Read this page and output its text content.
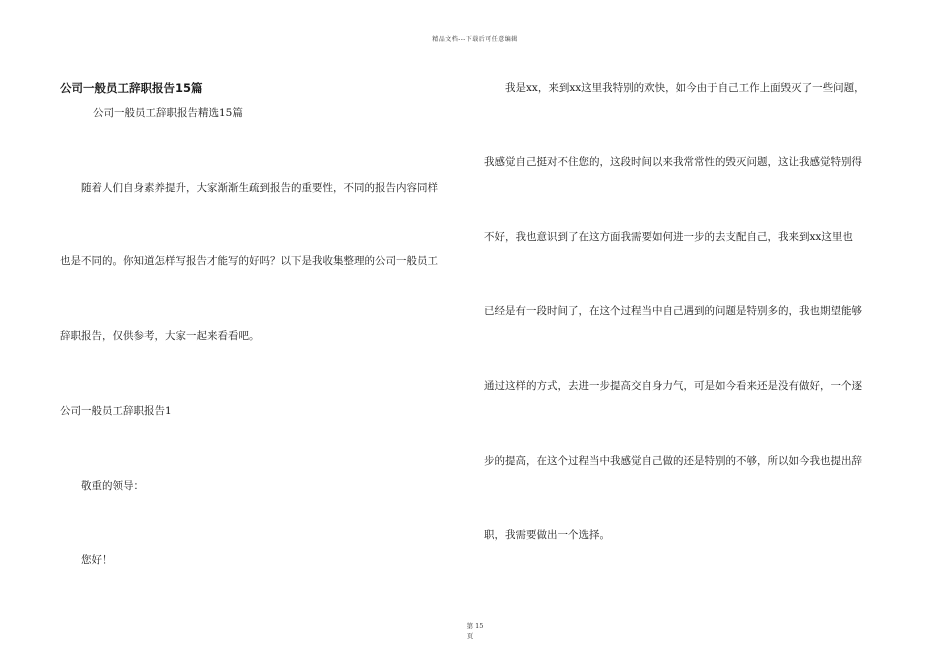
精品文档---下载后可任意编辑
公司一般员工辞职报告15篇
公司一般员工辞职报告精选15篇
随着人们自身素养提升，大家渐渐生疏到报告的重要性，不同的报告内容同样
也是不同的。你知道怎样写报告才能写的好吗？以下是我收集整理的公司一般员工
辞职报告，仅供参考，大家一起来看看吧。
公司一般员工辞职报告1
敬重的领导：
您好！
我是xx，来到xx这里我特别的欢快，如今由于自己工作上面毁灭了一些问题，
我感觉自己挺对不住您的，这段时间以来我常常性的毁灭问题，这让我感觉特别得
不好，我也意识到了在这方面我需要如何进一步的去支配自己，我来到xx这里也
已经是有一段时间了，在这个过程当中自己遇到的问题是特别多的，我也期望能够
通过这样的方式，去进一步提高交自身力气，可是如今看来还是没有做好，一个逐
步的提高，在这个过程当中我感觉自己做的还是特别的不够，所以如今我也提出辞
职，我需要做出一个选择。
第 15
页
